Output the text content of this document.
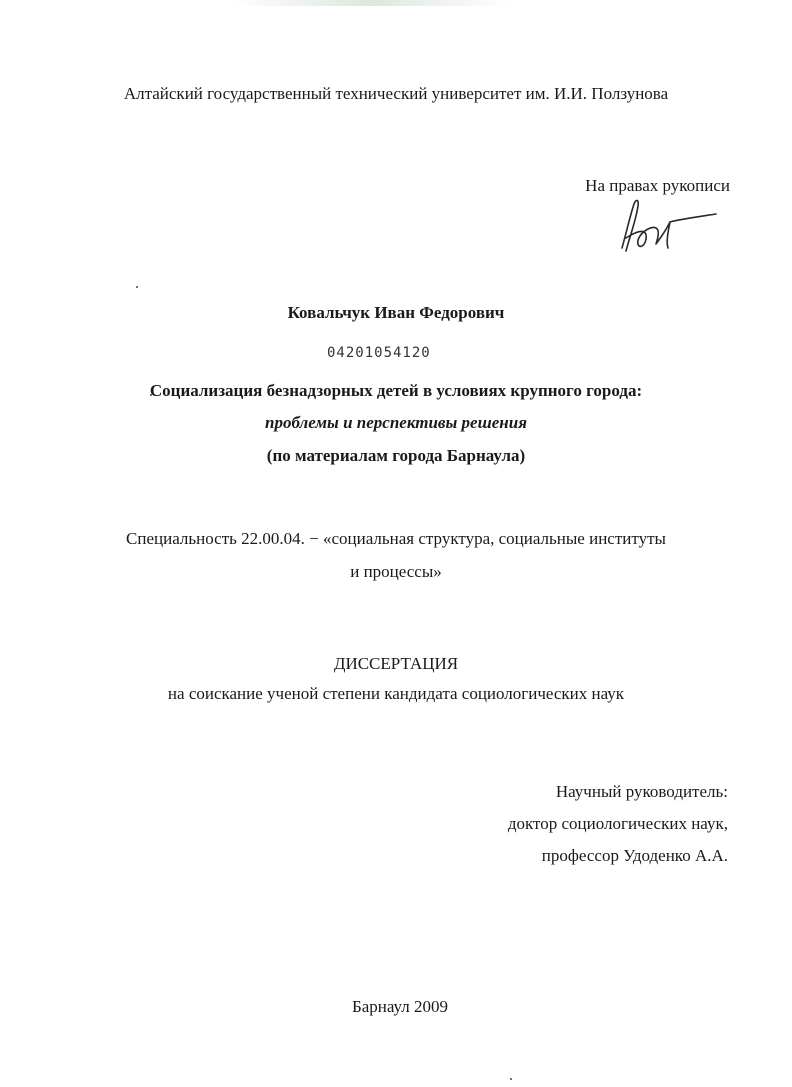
Алтайский государственный технический университет им. И.И. Ползунова
На правах рукописи
Ковальчук Иван Федорович
04201054120
Социализация безнадзорных детей в условиях крупного города:
проблемы и перспективы решения
(по материалам города Барнаула)
Специальность 22.00.04. − «социальная структура, социальные институты
и процессы»
ДИССЕРТАЦИЯ
на соискание ученой степени кандидата социологических наук
Научный руководитель:
доктор социологических наук,
профессор Удоденко А.А.
Барнаул 2009
